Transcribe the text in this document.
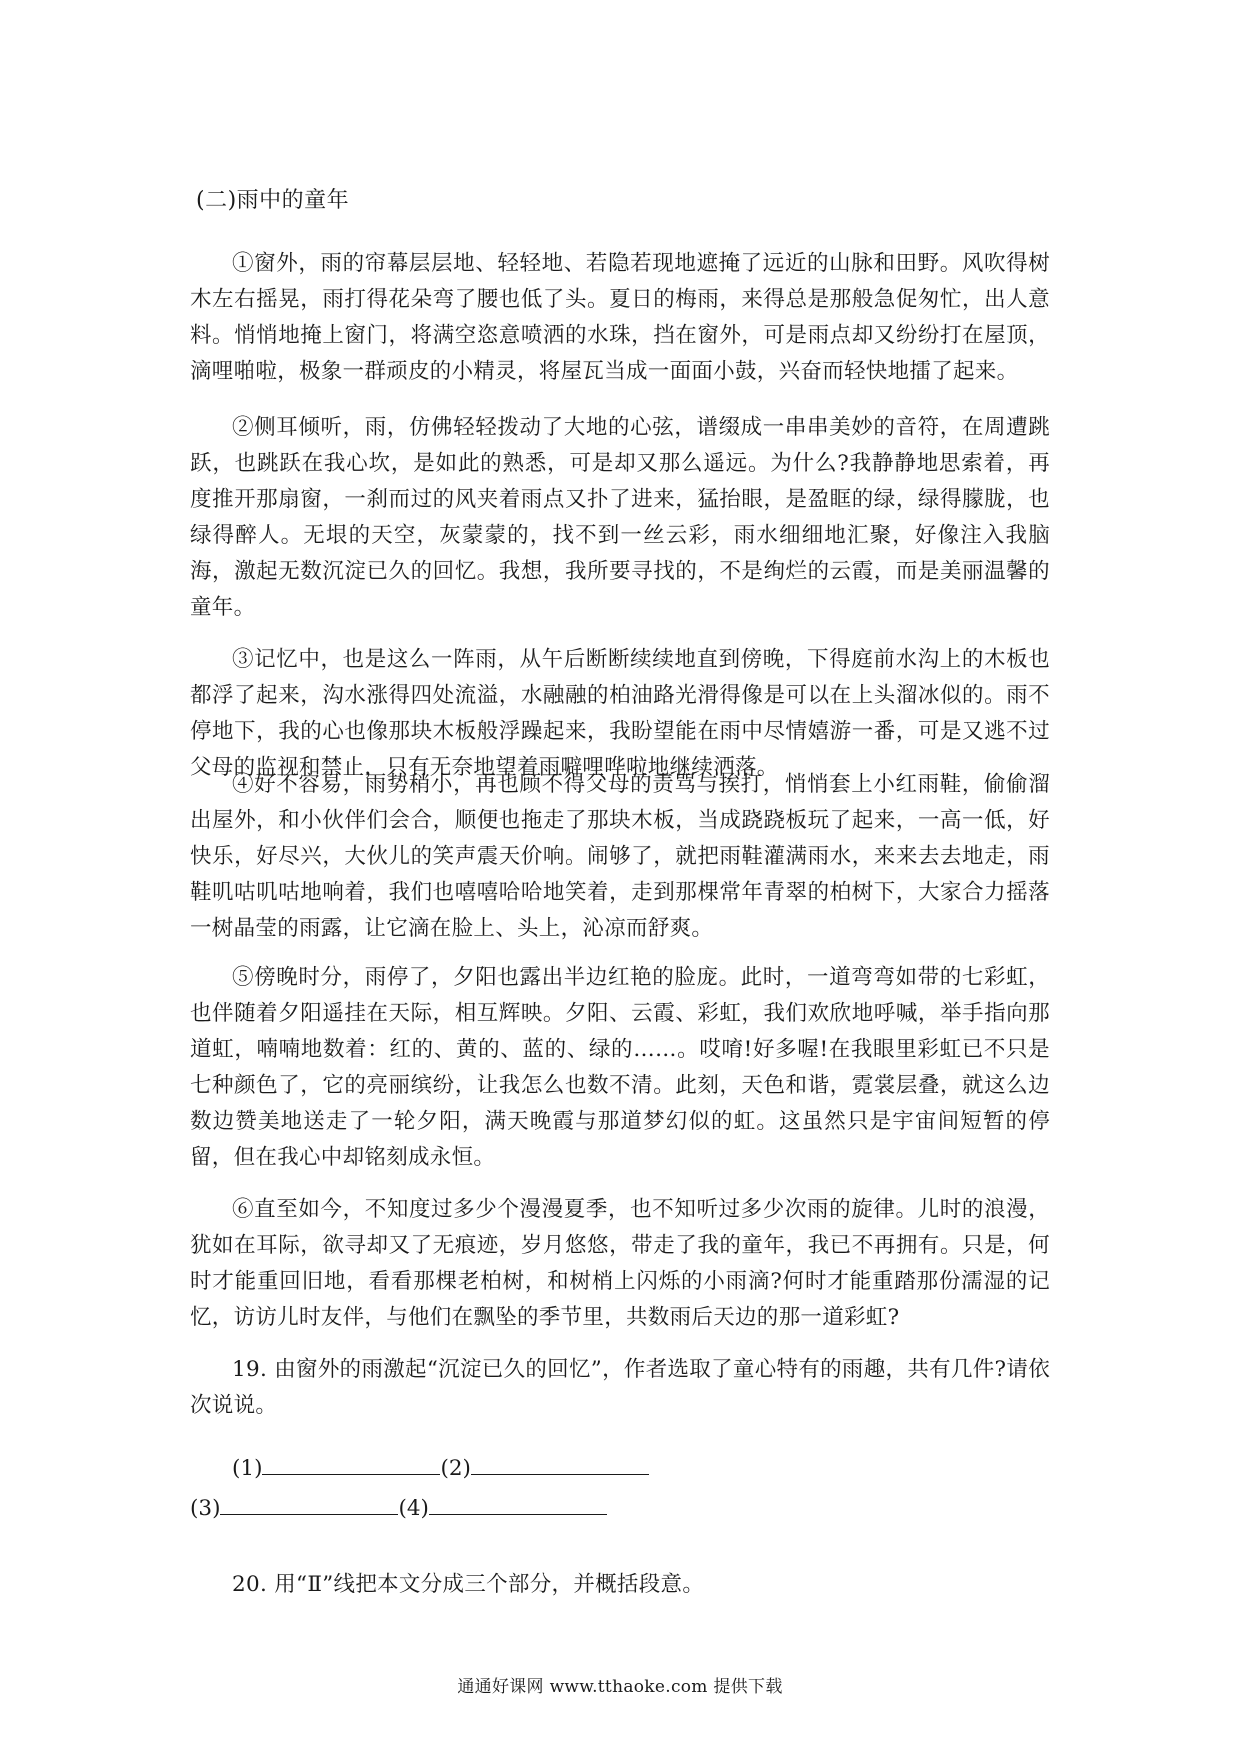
(二)雨中的童年
①窗外，雨的帘幕层层地、轻轻地、若隐若现地遮掩了远近的山脉和田野。风吹得树木左右摇晃，雨打得花朵弯了腰也低了头。夏日的梅雨，来得总是那般急促匆忙，出人意料。悄悄地掩上窗门，将满空恣意喷洒的水珠，挡在窗外，可是雨点却又纷纷打在屋顶，滴哩啪啦，极象一群顽皮的小精灵，将屋瓦当成一面面小鼓，兴奋而轻快地擂了起来。
②侧耳倾听，雨，仿佛轻轻拨动了大地的心弦，谱缀成一串串美妙的音符，在周遭跳跃，也跳跃在我心坎，是如此的熟悉，可是却又那么遥远。为什么?我静静地思索着，再度推开那扇窗，一刹而过的风夹着雨点又扑了进来，猛抬眼，是盈眶的绿，绿得朦胧，也绿得醉人。无垠的天空，灰蒙蒙的，找不到一丝云彩，雨水细细地汇聚，好像注入我脑海，激起无数沉淀已久的回忆。我想，我所要寻找的，不是绚烂的云霞，而是美丽温馨的童年。
③记忆中，也是这么一阵雨，从午后断断续续地直到傍晚，下得庭前水沟上的木板也都浮了起来，沟水涨得四处流溢，水融融的柏油路光滑得像是可以在上头溜冰似的。雨不停地下，我的心也像那块木板般浮躁起来，我盼望能在雨中尽情嬉游一番，可是又逃不过父母的监视和禁止，只有无奈地望着雨噼哩哗啦地继续洒落。
④好不容易，雨势稍小，再也顾不得父母的责骂与挨打，悄悄套上小红雨鞋，偷偷溜出屋外，和小伙伴们会合，顺便也拖走了那块木板，当成跷跷板玩了起来，一高一低，好快乐，好尽兴，大伙儿的笑声震天价响。闹够了，就把雨鞋灌满雨水，来来去去地走，雨鞋叽咕叽咕地响着，我们也嘻嘻哈哈地笑着，走到那棵常年青翠的柏树下，大家合力摇落一树晶莹的雨露，让它滴在脸上、头上，沁凉而舒爽。
⑤傍晚时分，雨停了，夕阳也露出半边红艳的脸庞。此时，一道弯弯如带的七彩虹，也伴随着夕阳遥挂在天际，相互辉映。夕阳、云霞、彩虹，我们欢欣地呼喊，举手指向那道虹，喃喃地数着：红的、黄的、蓝的、绿的……。哎唷!好多喔!在我眼里彩虹已不只是七种颜色了，它的亮丽缤纷，让我怎么也数不清。此刻，天色和谐，霓裳层叠，就这么边数边赞美地送走了一轮夕阳，满天晚霞与那道梦幻似的虹。这虽然只是宇宙间短暂的停留，但在我心中却铭刻成永恒。
⑥直至如今，不知度过多少个漫漫夏季，也不知听过多少次雨的旋律。儿时的浪漫，犹如在耳际，欲寻却又了无痕迹，岁月悠悠，带走了我的童年，我已不再拥有。只是，何时才能重回旧地，看看那棵老柏树，和树梢上闪烁的小雨滴?何时才能重踏那份濡湿的记忆，访访儿时友伴，与他们在飘坠的季节里，共数雨后天边的那一道彩虹?
19. 由窗外的雨激起“沉淀已久的回忆”，作者选取了童心特有的雨趣，共有几件?请依次说说。
(1)	(2)
(3)	(4)
20. 用“Ⅱ”线把本文分成三个部分，并概括段意。
通通好课网 www.tthaoke.com 提供下载
